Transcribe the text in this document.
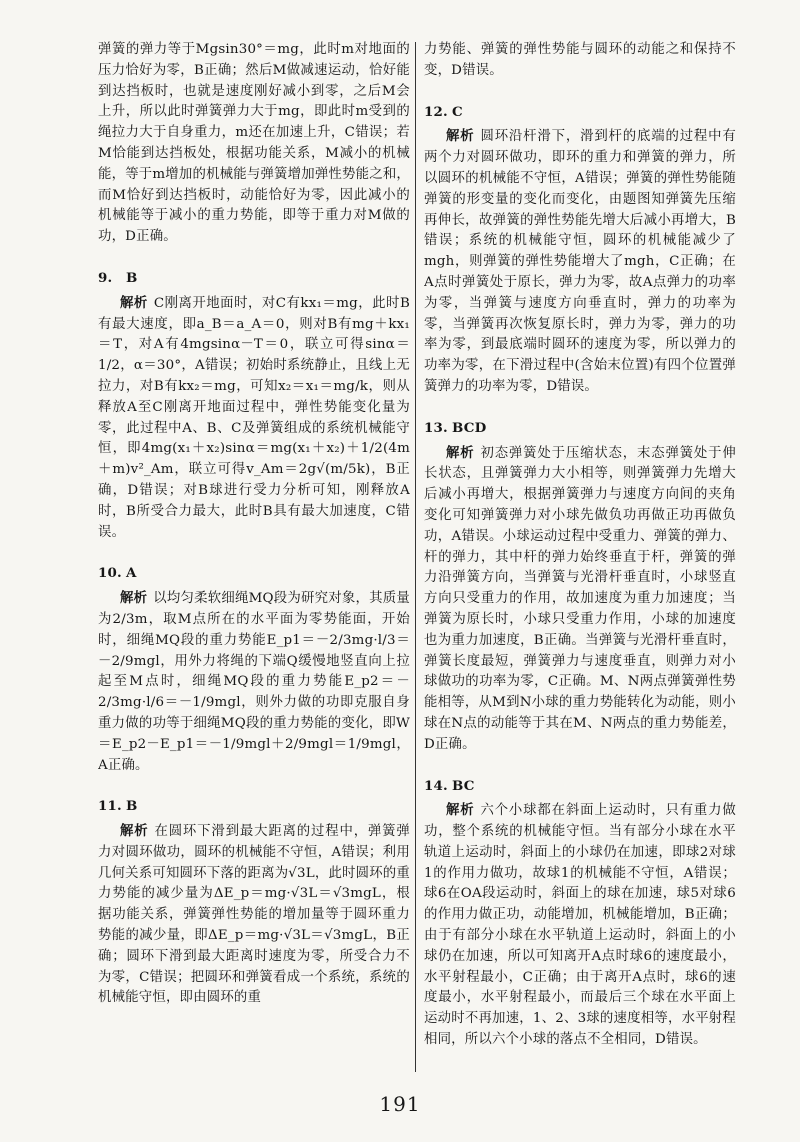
弹簧的弹力等于Mgsin30°＝mg，此时m对地面的压力恰好为零，B正确；然后M做减速运动，恰好能到达挡板时，也就是速度刚好减小到零，之后M会上升，所以此时弹簧弹力大于mg，即此时m受到的绳拉力大于自身重力，m还在加速上升，C错误；若M恰能到达挡板处，根据功能关系，M减小的机械能，等于m增加的机械能与弹簧增加弹性势能之和，而M恰好到达挡板时，动能恰好为零，因此减小的机械能等于减小的重力势能，即等于重力对M做的功，D正确。

9. B

解析 C刚离开地面时，对C有kx₁＝mg，此时B有最大速度，即a_B＝a_A＝0，则对B有mg＋kx₁＝T，对A有4mgsinα－T＝0，联立可得sinα＝1/2，α＝30°，A错误；初始时系统静止，且线上无拉力，对B有kx₂＝mg，可知x₂＝x₁＝mg/k，则从释放A至C刚离开地面过程中，弹性势能变化量为零，此过程中A、B、C及弹簧组成的系统机械能守恒，即4mg(x₁＋x₂)sinα＝mg(x₁＋x₂)＋1/2(4m＋m)v²_Am，联立可得v_Am＝2g√(m/5k)，B正确，D错误；对B球进行受力分析可知，刚释放A时，B所受合力最大，此时B具有最大加速度，C错误。

10. A

解析 以均匀柔软细绳MQ段为研究对象，其质量为2/3m，取M点所在的水平面为零势能面，开始时，细绳MQ段的重力势能E_p1＝－2/3mg·l/3＝－2/9mgl，用外力将绳的下端Q缓慢地竖直向上拉起至M点时，细绳MQ段的重力势能E_p2＝－2/3mg·l/6＝－1/9mgl，则外力做的功即克服自身重力做的功等于细绳MQ段的重力势能的变化，即W＝E_p2－E_p1＝－1/9mgl＋2/9mgl＝1/9mgl，A正确。

11. B

解析 在圆环下滑到最大距离的过程中，弹簧弹力对圆环做功，圆环的机械能不守恒，A错误；利用几何关系可知圆环下落的距离为√3L，此时圆环的重力势能的减少量为ΔE_p＝mg·√3L＝√3mgL，根据功能关系，弹簧弹性势能的增加量等于圆环重力势能的减少量，即ΔE_p＝mg·√3L＝√3mgL，B正确；圆环下滑到最大距离时速度为零，所受合力不为零，C错误；把圆环和弹簧看成一个系统，系统的机械能守恒，即由圆环的重

力势能、弹簧的弹性势能与圆环的动能之和保持不变，D错误。

12. C

解析 圆环沿杆滑下，滑到杆的底端的过程中有两个力对圆环做功，即环的重力和弹簧的弹力，所以圆环的机械能不守恒，A错误；弹簧的弹性势能随弹簧的形变量的变化而变化，由题图知弹簧先压缩再伸长，故弹簧的弹性势能先增大后减小再增大，B错误；系统的机械能守恒，圆环的机械能减少了mgh，则弹簧的弹性势能增大了mgh，C正确；在A点时弹簧处于原长，弹力为零，故A点弹力的功率为零，当弹簧与速度方向垂直时，弹力的功率为零，当弹簧再次恢复原长时，弹力为零，弹力的功率为零，到最底端时圆环的速度为零，所以弹力的功率为零，在下滑过程中(含始末位置)有四个位置弹簧弹力的功率为零，D错误。

13. BCD

解析 初态弹簧处于压缩状态，末态弹簧处于伸长状态，且弹簧弹力大小相等，则弹簧弹力先增大后减小再增大，根据弹簧弹力与速度方向间的夹角变化可知弹簧弹力对小球先做负功再做正功再做负功，A错误。小球运动过程中受重力、弹簧的弹力、杆的弹力，其中杆的弹力始终垂直于杆，弹簧的弹力沿弹簧方向，当弹簧与光滑杆垂直时，小球竖直方向只受重力的作用，故加速度为重力加速度；当弹簧为原长时，小球只受重力作用，小球的加速度也为重力加速度，B正确。当弹簧与光滑杆垂直时，弹簧长度最短，弹簧弹力与速度垂直，则弹力对小球做功的功率为零，C正确。M、N两点弹簧弹性势能相等，从M到N小球的重力势能转化为动能，则小球在N点的动能等于其在M、N两点的重力势能差，D正确。

14. BC

解析 六个小球都在斜面上运动时，只有重力做功，整个系统的机械能守恒。当有部分小球在水平轨道上运动时，斜面上的小球仍在加速，即球2对球1的作用力做功，故球1的机械能不守恒，A错误；球6在OA段运动时，斜面上的球在加速，球5对球6的作用力做正功，动能增加，机械能增加，B正确；由于有部分小球在水平轨道上运动时，斜面上的小球仍在加速，所以可知离开A点时球6的速度最小，水平射程最小，C正确；由于离开A点时，球6的速度最小，水平射程最小，而最后三个球在水平面上运动时不再加速，1、2、3球的速度相等，水平射程相同，所以六个小球的落点不全相同，D错误。

191
